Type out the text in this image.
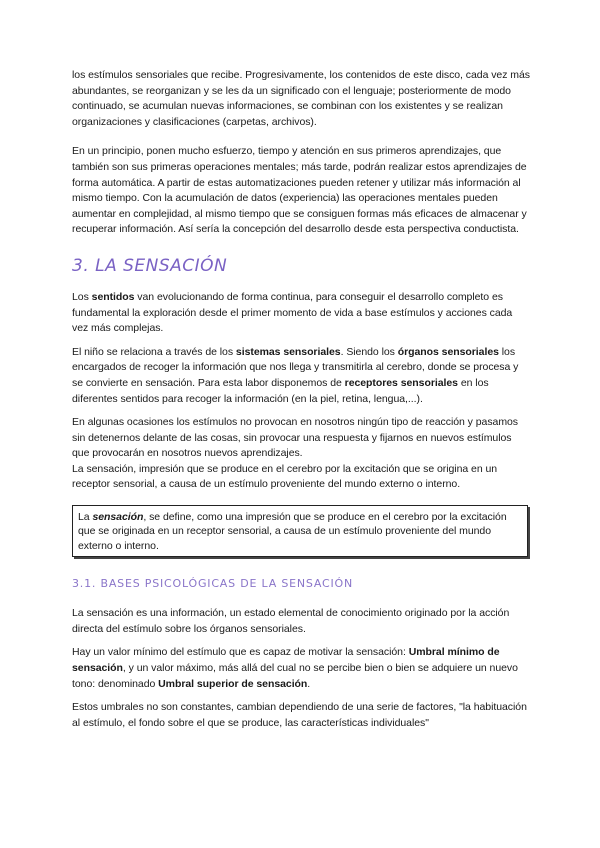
los estímulos sensoriales que recibe. Progresivamente, los contenidos de este disco, cada vez más abundantes, se reorganizan y se les da un significado con el lenguaje; posteriormente de modo continuado, se acumulan nuevas informaciones, se combinan con los existentes y se realizan organizaciones y clasificaciones (carpetas, archivos).

En un principio, ponen mucho esfuerzo, tiempo y atención en sus primeros aprendizajes, que también son sus primeras operaciones mentales; más tarde, podrán realizar estos aprendizajes de forma automática. A partir de estas automatizaciones pueden retener y utilizar más información al mismo tiempo. Con la acumulación de datos (experiencia) las operaciones mentales pueden aumentar en complejidad, al mismo tiempo que se consiguen formas más eficaces de almacenar y recuperar información. Así sería la concepción del desarrollo desde esta perspectiva conductista.

3. LA SENSACIÓN

Los sentidos van evolucionando de forma continua, para conseguir el desarrollo completo es fundamental la exploración desde el primer momento de vida a base estímulos y acciones cada vez más complejas.

El niño se relaciona a través de los sistemas sensoriales. Siendo los órganos sensoriales los encargados de recoger la información que nos llega y transmitirla al cerebro, donde se procesa y se convierte en sensación. Para esta labor disponemos de receptores sensoriales en los diferentes sentidos para recoger la información (en la piel, retina, lengua,...).

En algunas ocasiones los estímulos no provocan en nosotros ningún tipo de reacción y pasamos sin detenernos delante de las cosas, sin provocar una respuesta y fijarnos en nuevos estímulos que provocarán en nosotros nuevos aprendizajes.

La sensación, impresión que se produce en el cerebro por la excitación que se origina en un receptor sensorial, a causa de un estímulo proveniente del mundo externo o interno.

La sensación, se define, como una impresión que se produce en el cerebro por la excitación que se originada en un receptor sensorial, a causa de un estímulo proveniente del mundo externo o interno.

3.1. BASES PSICOLÓGICAS DE LA SENSACIÓN

La sensación es una información, un estado elemental de conocimiento originado por la acción directa del estímulo sobre los órganos sensoriales.

Hay un valor mínimo del estímulo que es capaz de motivar la sensación: Umbral mínimo de sensación, y un valor máximo, más allá del cual no se percibe bien o bien se adquiere un nuevo tono: denominado Umbral superior de sensación.

Estos umbrales no son constantes, cambian dependiendo de una serie de factores, "la habituación al estímulo, el fondo sobre el que se produce, las características individuales"
